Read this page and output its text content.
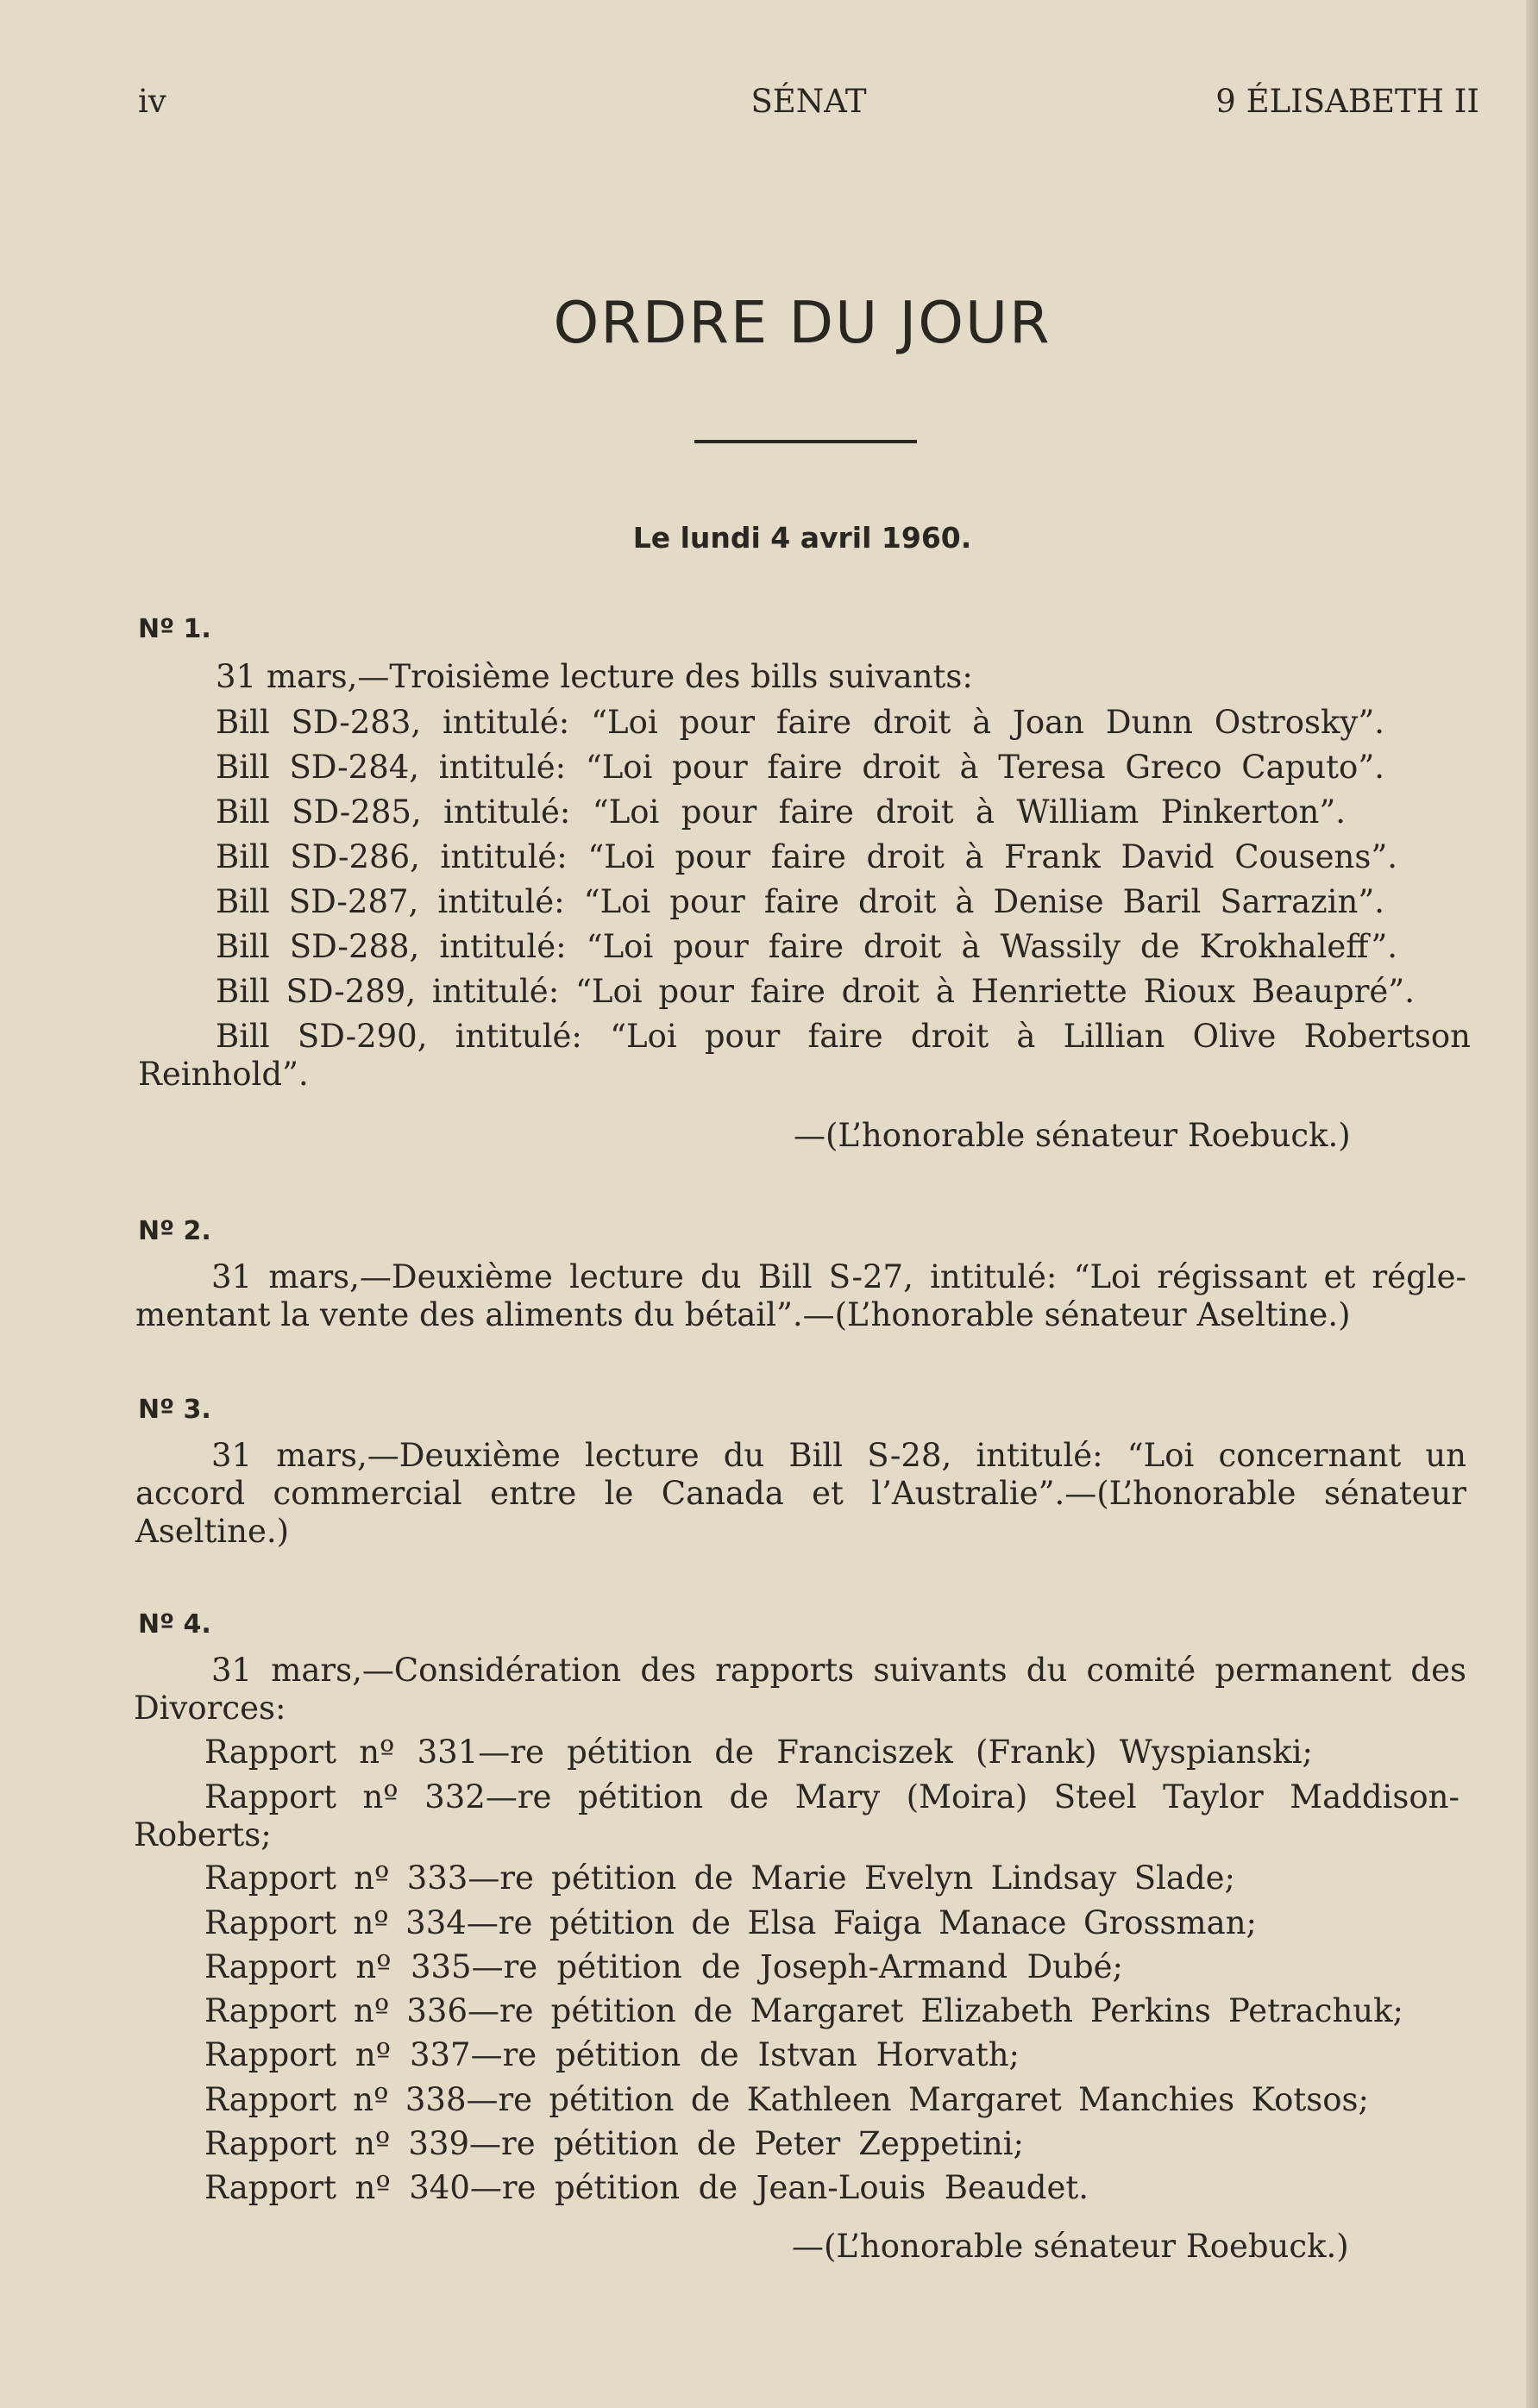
iv	SÉNAT	9 ÉLISABETH II
ORDRE DU JOUR
Le lundi 4 avril 1960.
Nº 1.
31 mars,—Troisième lecture des bills suivants:
Bill SD-283, intitulé: “Loi pour faire droit à Joan Dunn Ostrosky”.
Bill SD-284, intitulé: “Loi pour faire droit à Teresa Greco Caputo”.
Bill SD-285, intitulé: “Loi pour faire droit à William Pinkerton”.
Bill SD-286, intitulé: “Loi pour faire droit à Frank David Cousens”.
Bill SD-287, intitulé: “Loi pour faire droit à Denise Baril Sarrazin”.
Bill SD-288, intitulé: “Loi pour faire droit à Wassily de Krokhaleff”.
Bill SD-289, intitulé: “Loi pour faire droit à Henriette Rioux Beaupré”.
Bill SD-290, intitulé: “Loi pour faire droit à Lillian Olive Robertson
Reinhold”.
—(L’honorable sénateur Roebuck.)
Nº 2.
31 mars,—Deuxième lecture du Bill S-27, intitulé: “Loi régissant et régle-
mentant la vente des aliments du bétail”.—(L’honorable sénateur Aseltine.)
Nº 3.
31 mars,—Deuxième lecture du Bill S-28, intitulé: “Loi concernant un
accord commercial entre le Canada et l’Australie”.—(L’honorable sénateur
Aseltine.)
Nº 4.
31 mars,—Considération des rapports suivants du comité permanent des
Divorces:
Rapport nº 331—re pétition de Franciszek (Frank) Wyspianski;
Rapport nº 332—re pétition de Mary (Moira) Steel Taylor Maddison-
Roberts;
Rapport nº 333—re pétition de Marie Evelyn Lindsay Slade;
Rapport nº 334—re pétition de Elsa Faiga Manace Grossman;
Rapport nº 335—re pétition de Joseph-Armand Dubé;
Rapport nº 336—re pétition de Margaret Elizabeth Perkins Petrachuk;
Rapport nº 337—re pétition de Istvan Horvath;
Rapport nº 338—re pétition de Kathleen Margaret Manchies Kotsos;
Rapport nº 339—re pétition de Peter Zeppetini;
Rapport nº 340—re pétition de Jean-Louis Beaudet.
—(L’honorable sénateur Roebuck.)
